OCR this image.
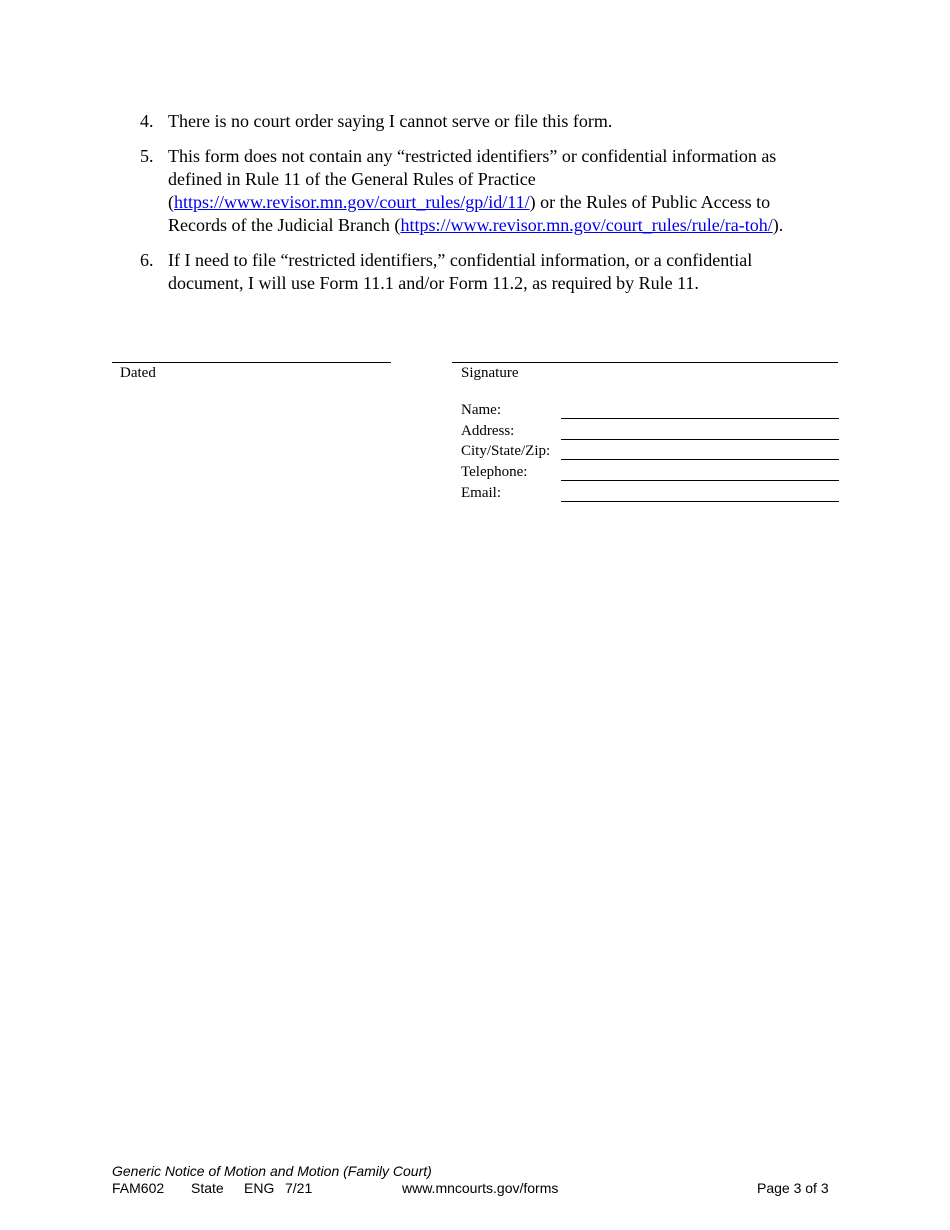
4. There is no court order saying I cannot serve or file this form.
5. This form does not contain any “restricted identifiers” or confidential information as defined in Rule 11 of the General Rules of Practice (https://www.revisor.mn.gov/court_rules/gp/id/11/) or the Rules of Public Access to Records of the Judicial Branch (https://www.revisor.mn.gov/court_rules/rule/ra-toh/).
6. If I need to file “restricted identifiers,” confidential information, or a confidential document, I will use Form 11.1 and/or Form 11.2, as required by Rule 11.
Dated	Signature
Name:
Address:
City/State/Zip:
Telephone:
Email:
Generic Notice of Motion and Motion (Family Court)
FAM602 State ENG 7/21	www.mncourts.gov/forms	Page 3 of 3
